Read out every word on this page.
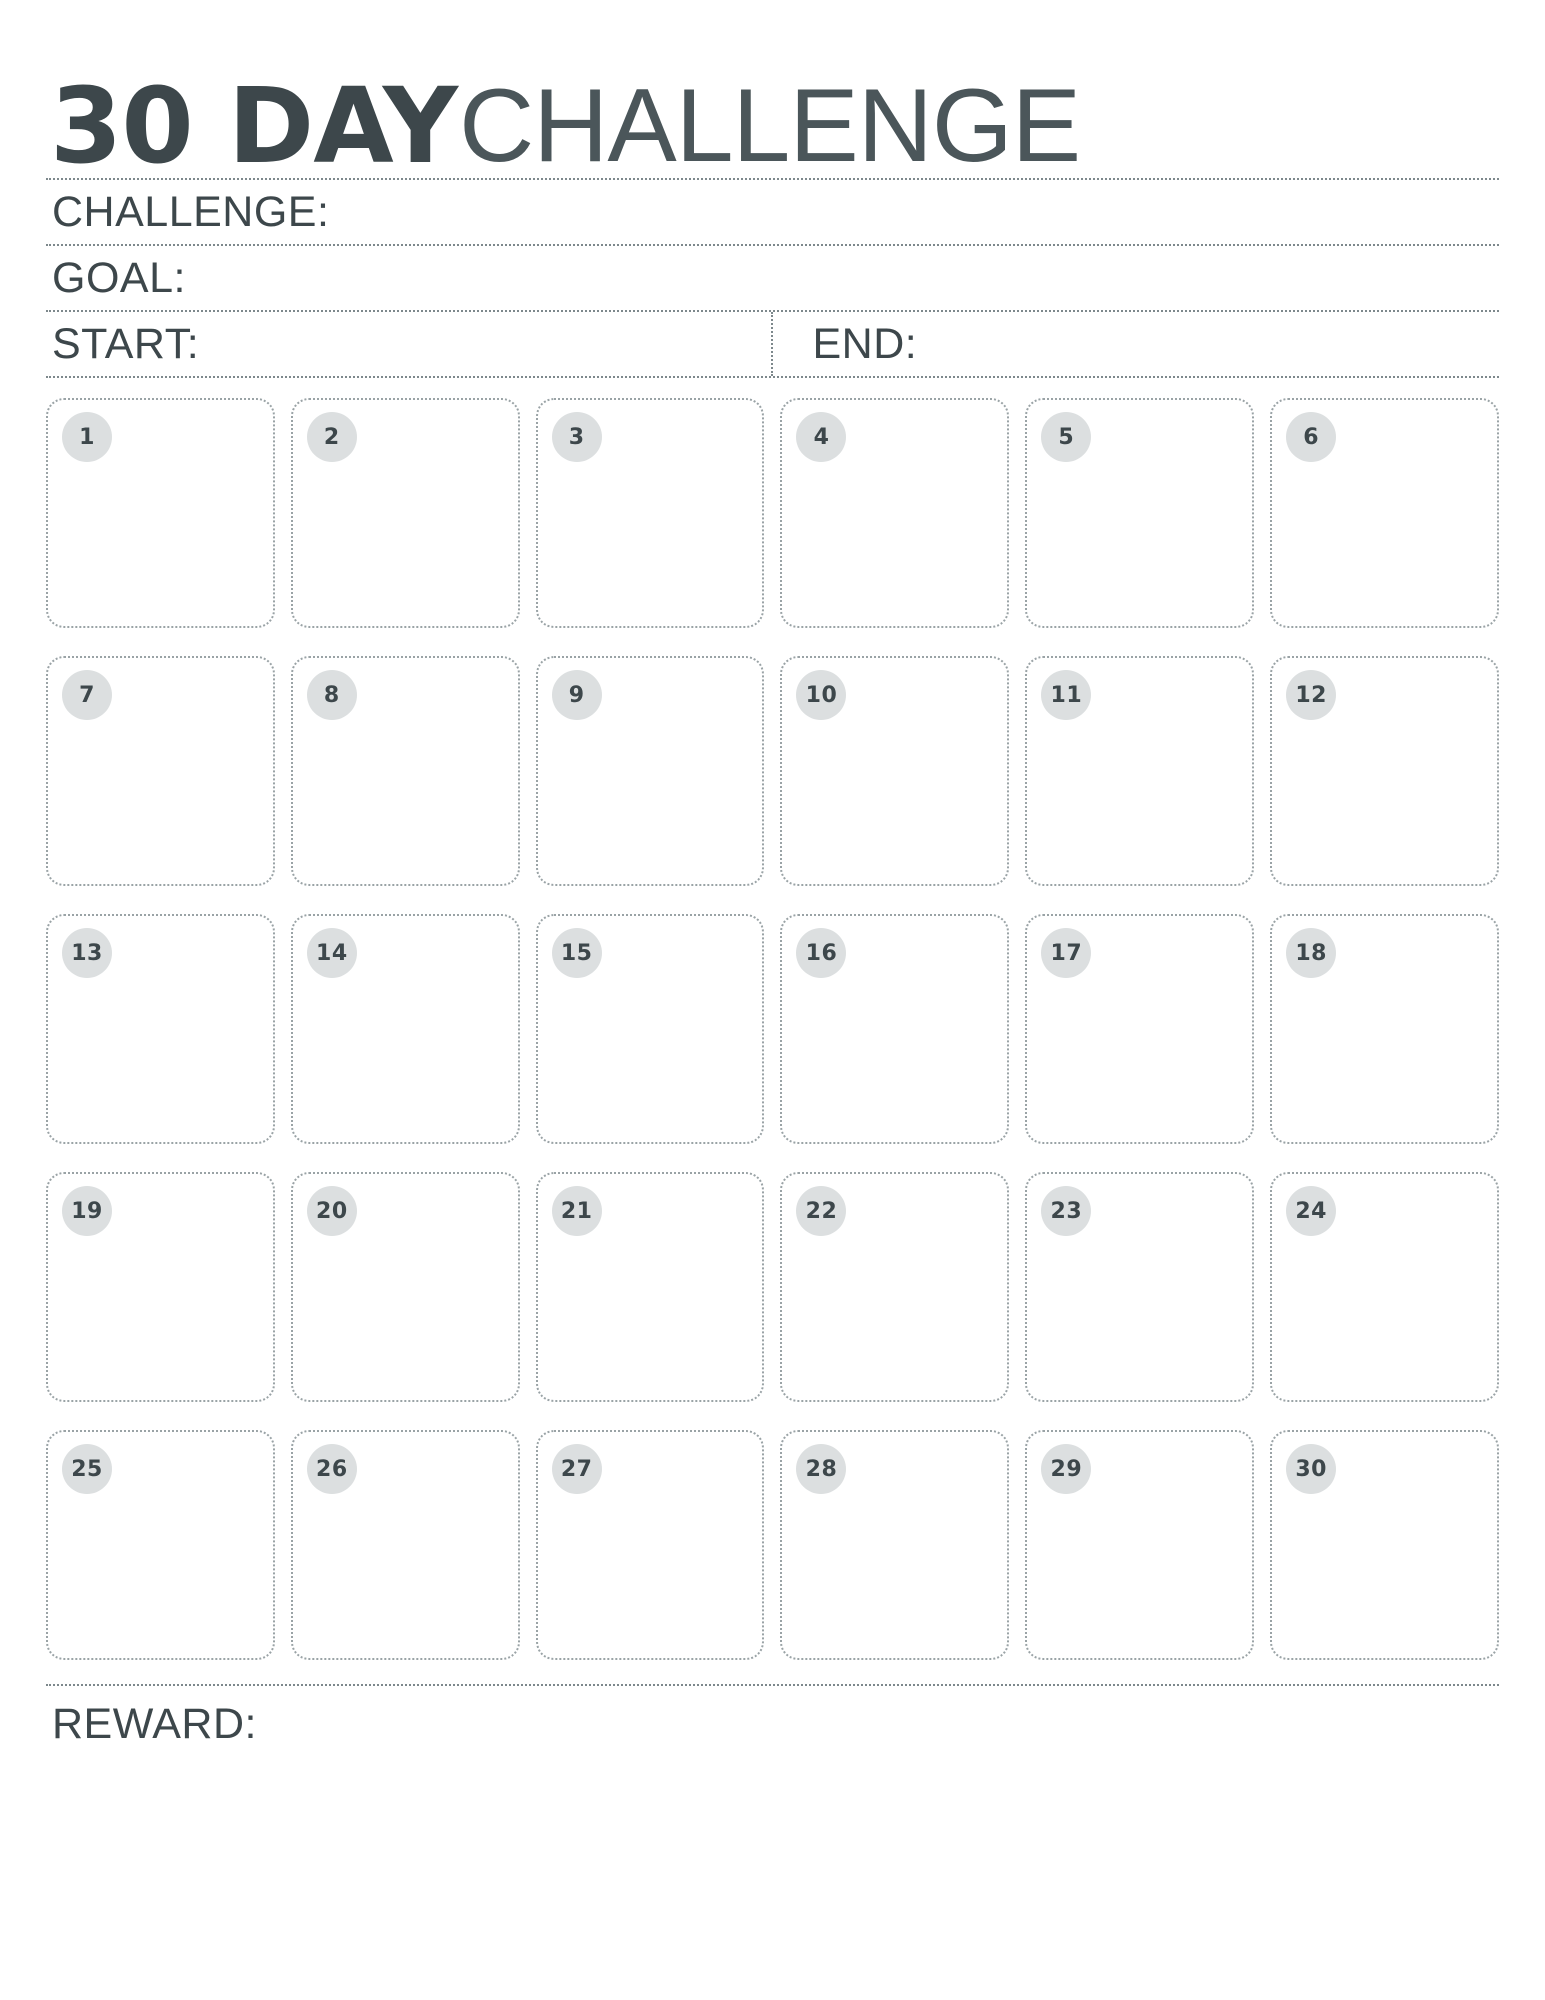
30 DAY CHALLENGE
CHALLENGE:
GOAL:
START:	END:
1	2	3	4	5	6
7	8	9	10	11	12
13	14	15	16	17	18
19	20	21	22	23	24
25	26	27	28	29	30
REWARD:
